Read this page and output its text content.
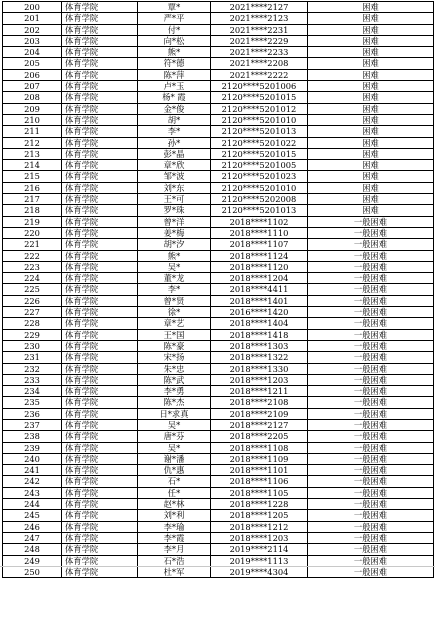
200	体育学院	覃*	2021****2127	困难
201	体育学院	严*平	2021****2123	困难
202	体育学院	付*	2021****2231	困难
203	体育学院	向*松	2021****2229	困难
204	体育学院	熊*	2021****2233	困难
205	体育学院	符*德	2021****2208	困难
206	体育学院	陈*萍	2021****2222	困难
207	体育学院	卢*玉	2120****5201006	困难
208	体育学院	杨* 霞	2120****5201015	困难
209	体育学院	金*俊	2120****5201012	困难
210	体育学院	胡*	2120****5201010	困难
211	体育学院	李*	2120****5201013	困难
212	体育学院	孙*	2120****5201022	困难
213	体育学院	彭*晶	2120****5201015	困难
214	体育学院	章*欣	2120****5201005	困难
215	体育学院	邹*波	2120****5201023	困难
216	体育学院	刘*东	2120****5201010	困难
217	体育学院	王*可	2120****5202008	困难
218	体育学院	罗*珠	2120****5201013	困难
219	体育学院	曾*洋	2018****1102	一般困难
220	体育学院	姜*梅	2018****1110	一般困难
221	体育学院	胡*汐	2018****1107	一般困难
222	体育学院	熊*	2018****1124	一般困难
223	体育学院	吴*	2018****1120	一般困难
224	体育学院	董*龙	2018****1204	一般困难
225	体育学院	李*	2018****4411	一般困难
226	体育学院	曾*贤	2018****1401	一般困难
227	体育学院	徐*	2016****1420	一般困难
228	体育学院	章*艺	2018****1404	一般困难
229	体育学院	王*国	2018****1418	一般困难
230	体育学院	陈*豪	2018****1303	一般困难
231	体育学院	宋*扬	2018****1322	一般困难
232	体育学院	朱*忠	2018****1330	一般困难
233	体育学院	陈*武	2018****1203	一般困难
234	体育学院	李*勇	2018****1211	一般困难
235	体育学院	陈*杰	2018****2108	一般困难
236	体育学院	日*求真	2018****2109	一般困难
237	体育学院	吴*	2018****2127	一般困难
238	体育学院	唐*芬	2018****2205	一般困难
239	体育学院	吴*	2018****1108	一般困难
240	体育学院	谢*潘	2018****1109	一般困难
241	体育学院	仇*惠	2018****1101	一般困难
242	体育学院	石*	2018****1106	一般困难
243	体育学院	任*	2018****1105	一般困难
244	体育学院	赵*林	2018****1228	一般困难
245	体育学院	刘*利	2018****1205	一般困难
246	体育学院	李*瑜	2018****1212	一般困难
247	体育学院	李*霞	2018****1203	一般困难
248	体育学院	李*月	2019****2114	一般困难
249	体育学院	石*浩	2019****1113	一般困难
250	体育学院	杜*军	2019****4304	一般困难
